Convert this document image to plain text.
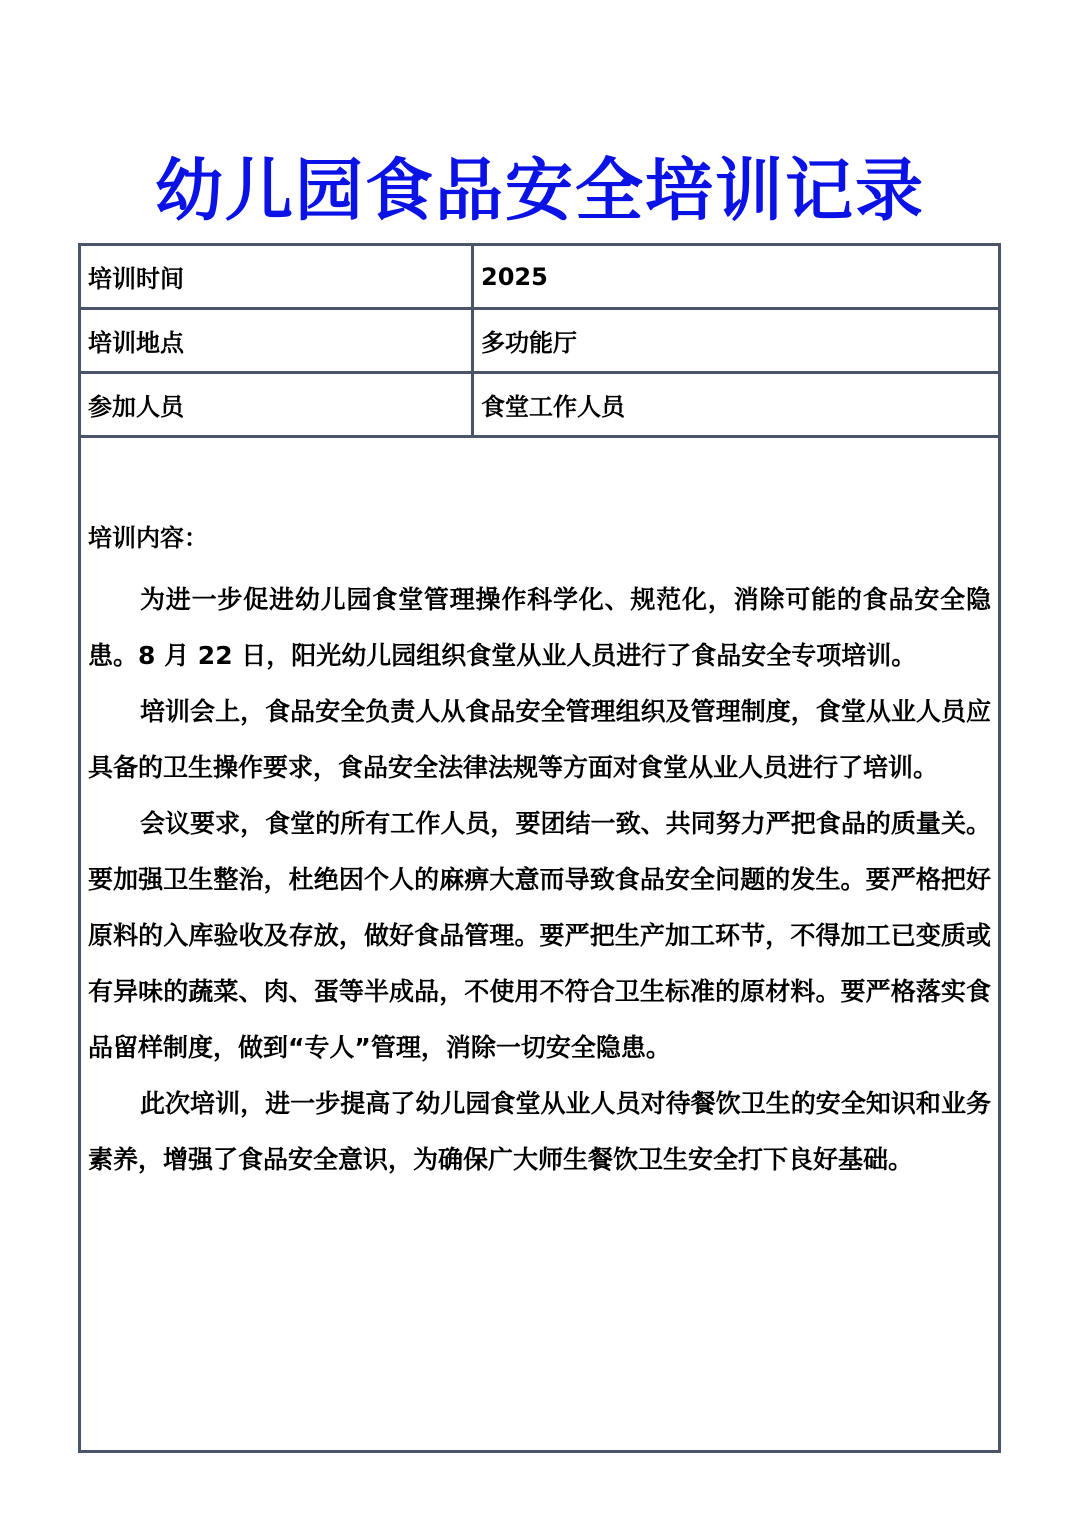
幼儿园食品安全培训记录
培训时间	2025
培训地点	多功能厅
参加人员	食堂工作人员

培训内容：

为进一步促进幼儿园食堂管理操作科学化、规范化，消除可能的食品安全隐患。8 月 22 日，阳光幼儿园组织食堂从业人员进行了食品安全专项培训。

培训会上，食品安全负责人从食品安全管理组织及管理制度，食堂从业人员应具备的卫生操作要求，食品安全法律法规等方面对食堂从业人员进行了培训。

会议要求，食堂的所有工作人员，要团结一致、共同努力严把食品的质量关。要加强卫生整治，杜绝因个人的麻痹大意而导致食品安全问题的发生。要严格把好原料的入库验收及存放，做好食品管理。要严把生产加工环节，不得加工已变质或有异味的蔬菜、肉、蛋等半成品，不使用不符合卫生标准的原材料。要严格落实食品留样制度，做到“专人”管理，消除一切安全隐患。

此次培训，进一步提高了幼儿园食堂从业人员对待餐饮卫生的安全知识和业务素养，增强了食品安全意识，为确保广大师生餐饮卫生安全打下良好基础。	
